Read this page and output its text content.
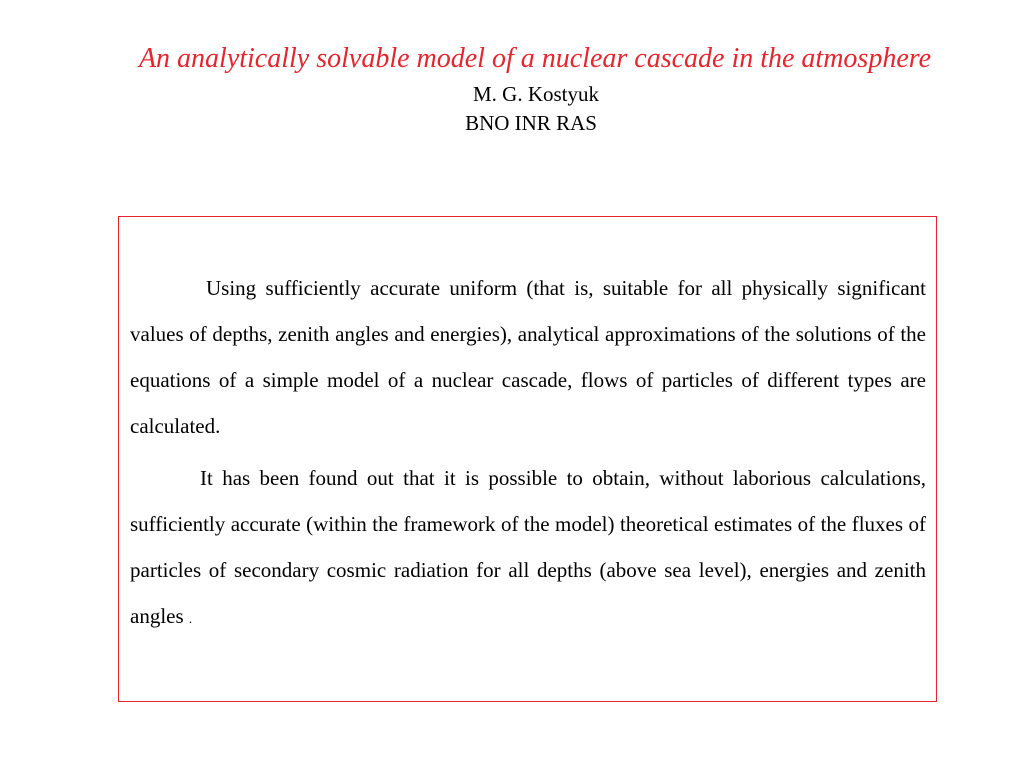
An analytically solvable model of a nuclear cascade in the atmosphere

M. G. Kostyuk

BNO INR RAS

Using sufficiently accurate uniform (that is, suitable for all physically significant values of depths, zenith angles and energies), analytical approximations of the solutions of the equations of a simple model of a nuclear cascade, flows of particles of different types are calculated.

It has been found out that it is possible to obtain, without laborious calculations, sufficiently accurate (within the framework of the model) theoretical estimates of the fluxes of particles of secondary cosmic radiation for all depths (above sea level), energies and zenith angles .
